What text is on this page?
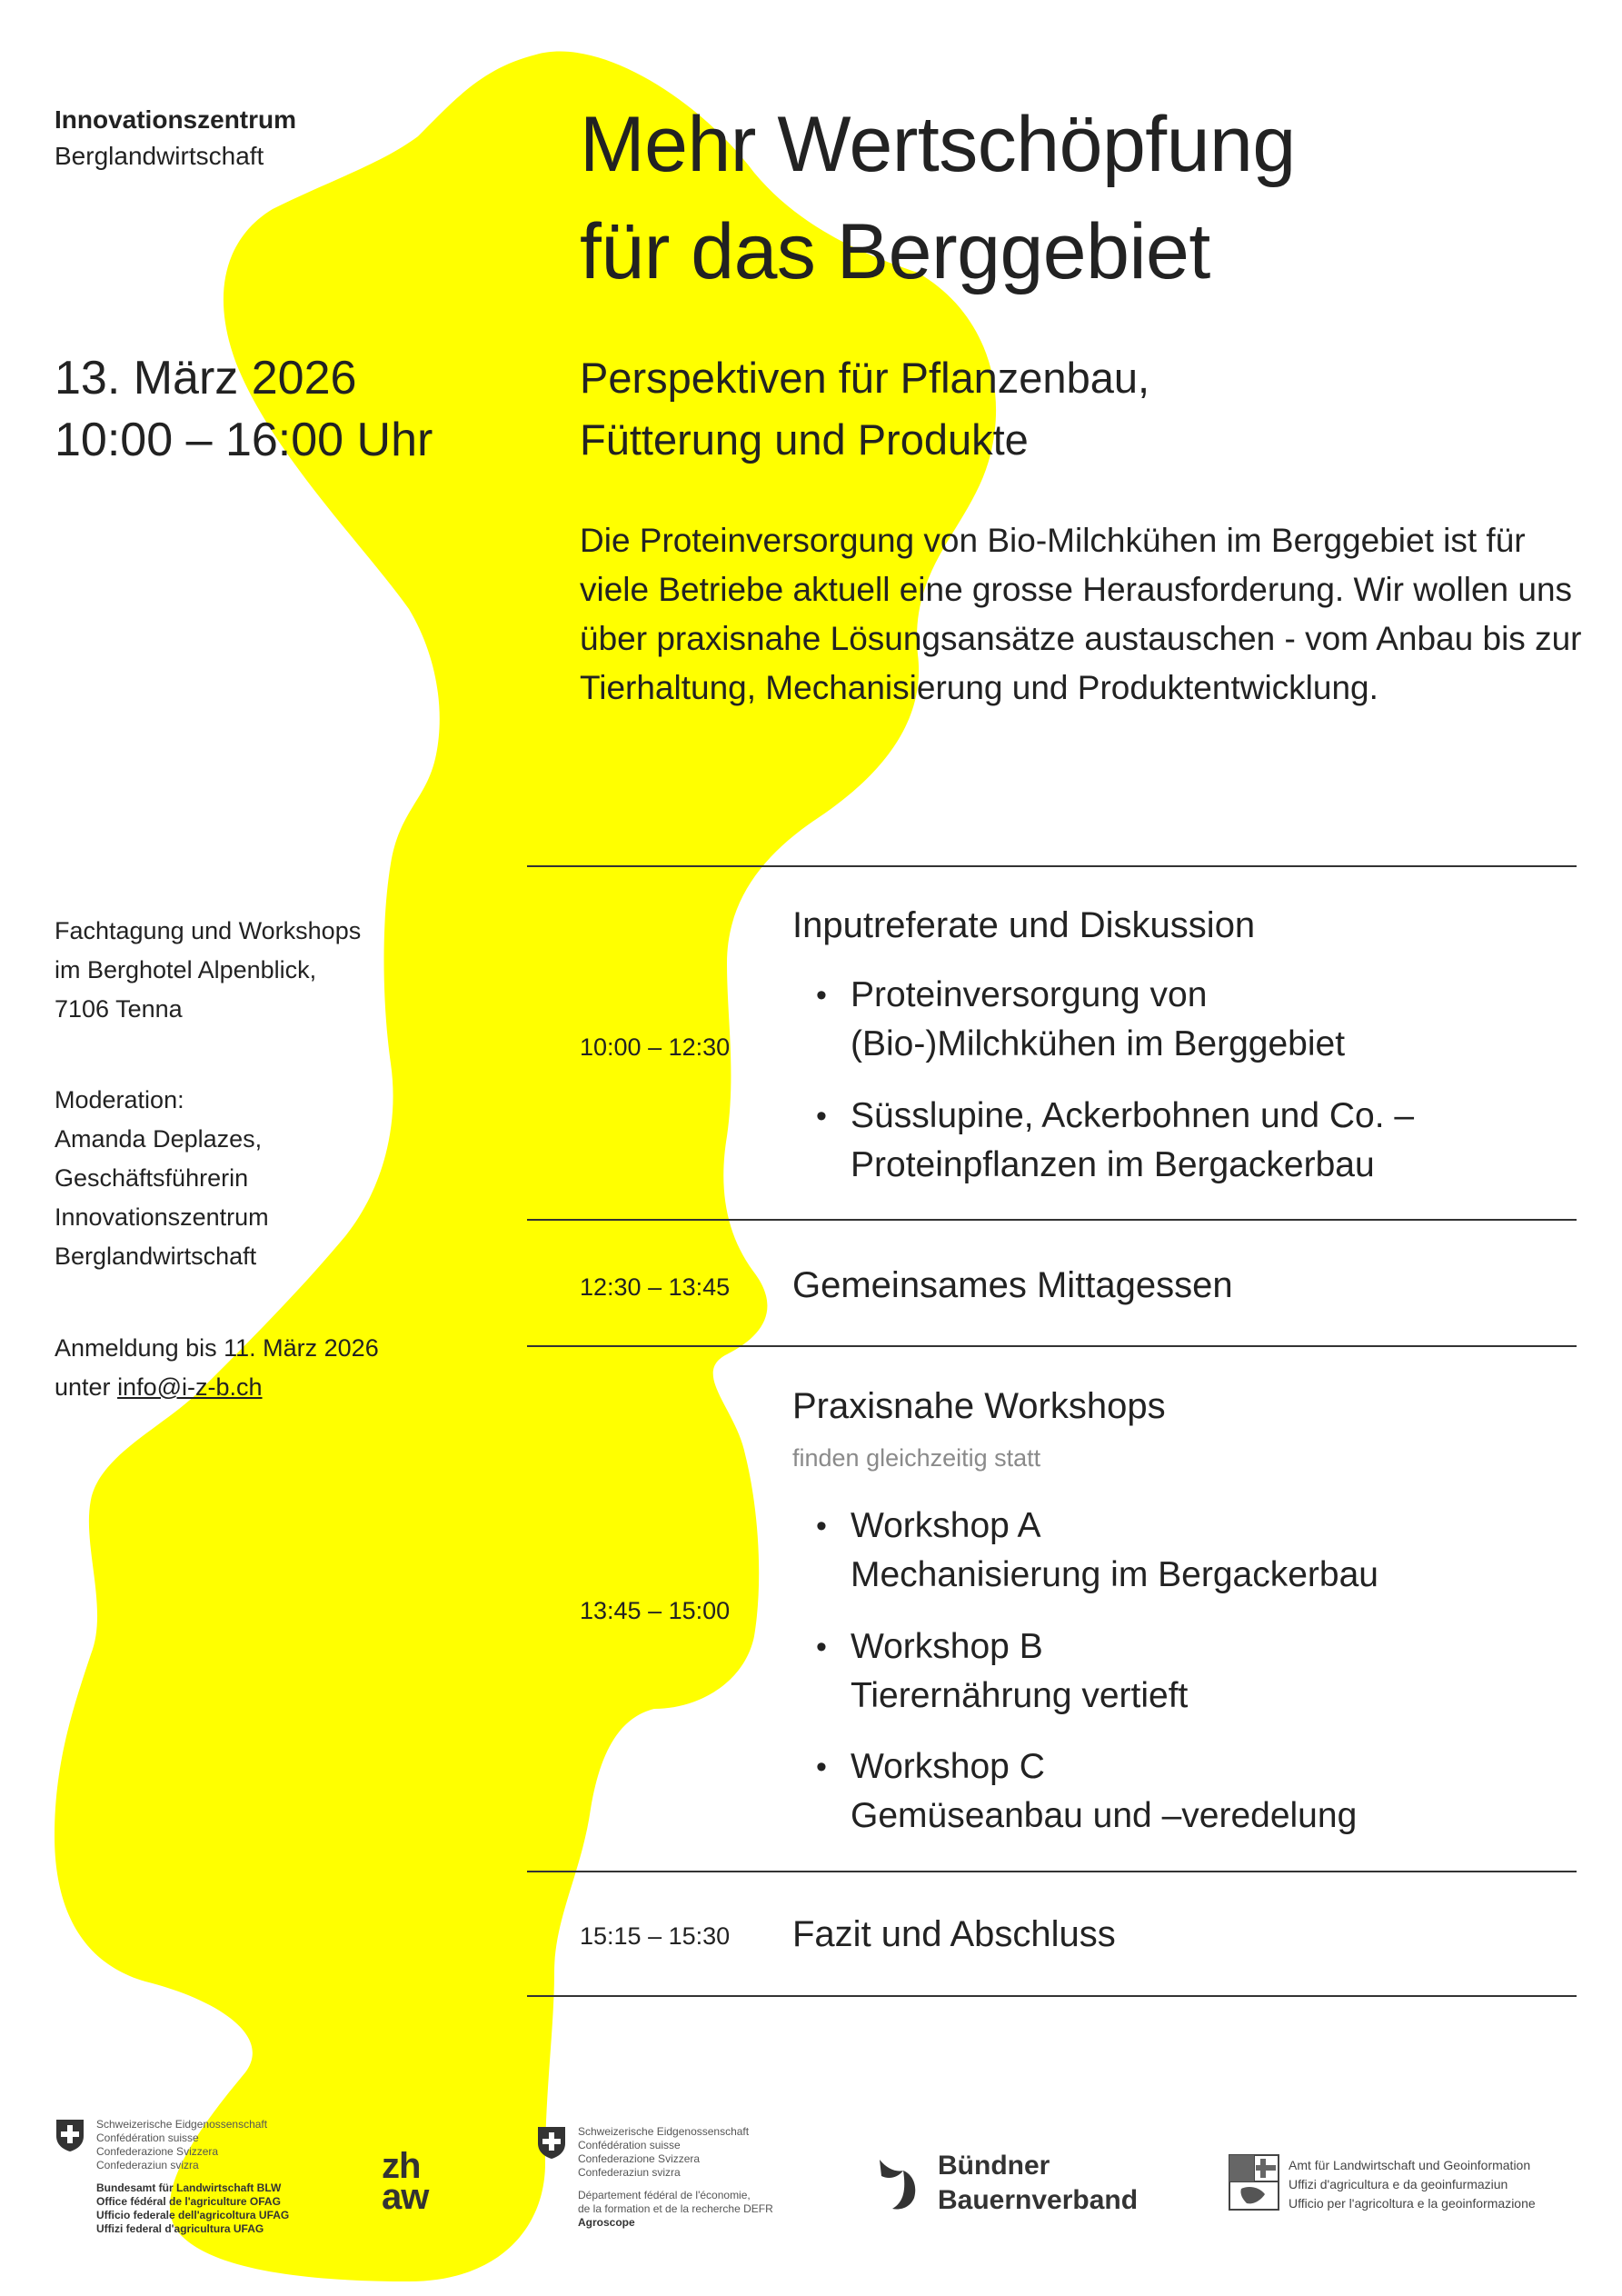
Innovationszentrum
Berglandwirtschaft	Mehr Wertschöpfung
für das Berggebiet
13. März 2026
10:00 – 16:00 Uhr
Perspektiven für Pflanzenbau,
Fütterung und Produkte

Die Proteinversorgung von Bio-Milchkühen im Berggebiet ist für viele Betriebe aktuell eine grosse Herausforderung. Wir wollen uns über praxisnahe Lösungsansätze austauschen - vom Anbau bis zur Tierhaltung, Mechanisierung und Produktentwicklung.

Fachtagung und Workshops
im Berghotel Alpenblick,
7106 Tenna
Moderation:
Amanda Deplazes,
Geschäftsführerin
Innovationszentrum
Berglandwirtschaft
Anmeldung bis 11. März 2026
unter info@i-z-b.ch
10:00 – 12:30
Inputreferate und Diskussion
• Proteinversorgung von
(Bio-)Milchkühen im Berggebiet
• Süsslupine, Ackerbohnen und Co. –
Proteinpflanzen im Bergackerbau
12:30 – 13:45 Gemeinsames Mittagessen
13:45 – 15:00
Praxisnahe Workshops
finden gleichzeitig statt
• Workshop A
Mechanisierung im Bergackerbau
• Workshop B
Tierernährung vertieft
• Workshop C
Gemüseanbau und –veredelung
15:15 – 15:30 Fazit und Abschluss
Schweizerische Eidgenossenschaft
Confédération suisse
Confederazione Svizzera
Confederaziun svizra
Bundesamt für Landwirtschaft BLW
Office fédéral de l'agriculture OFAG
Ufficio federale dell'agricoltura UFAG
Uffizi federal d'agricultura UFAG
zh
aw
Schweizerische Eidgenossenschaft
Confédération suisse
Confederazione Svizzera
Confederaziun svizra
Département fédéral de l'économie,
de la formation et de la recherche DEFR
Agroscope
Bündner
Bauernverband
Amt für Landwirtschaft und Geoinformation
Uffizi d'agricultura e da geoinfurmaziun
Ufficio per l'agricoltura e la geoinformazione
